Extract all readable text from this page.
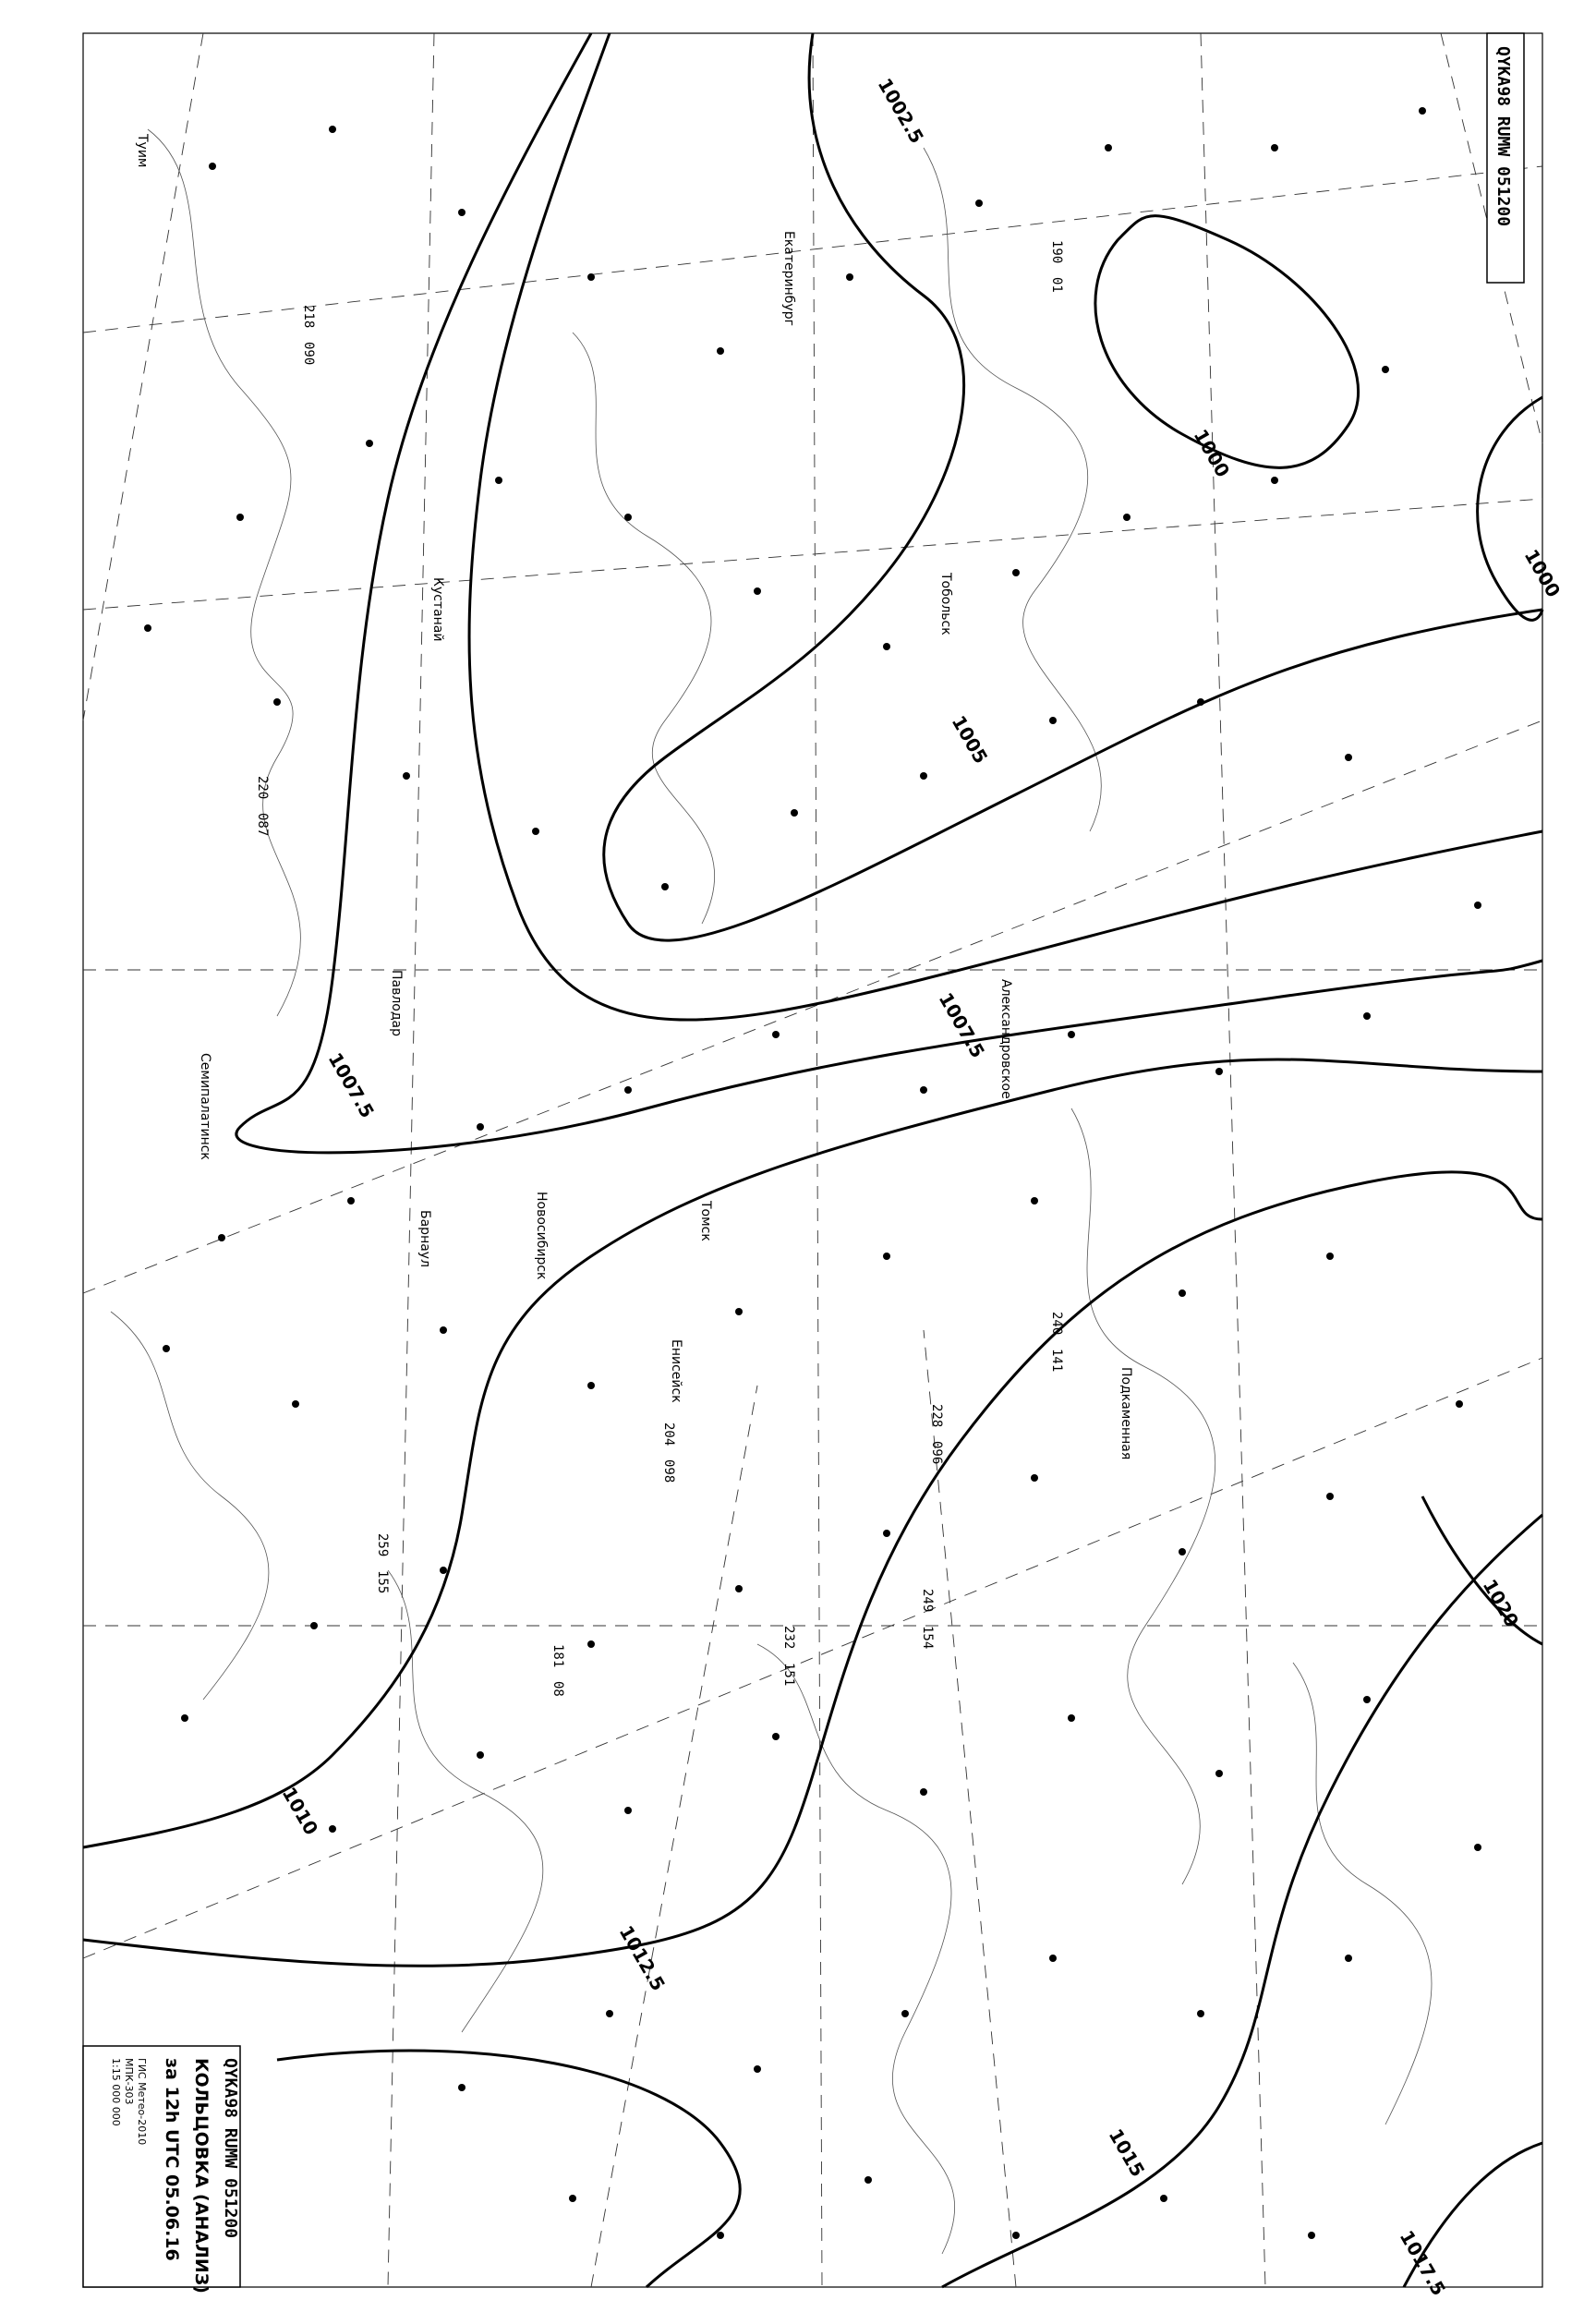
1000
1000
1002.5
1005
1007.5
1007.5
1010
1012.5
1015
1017.5
1020
181
08
190
01
204
098
218
090
220
087
228
096
232
151
240
141
249
154
259
155
Екатеринбург
Кустанай	Тобольск
Павлодар
Семипалатинск
Барнаул	Новосибирск	Томск
Енисейск	Подкаменная
Александровское
Туим	QYKA98 RUMW 051200
QYKA98 RUMW 051200
КОЛЬЦОВКА (АНАЛИЗ)
за 12h UTC 05.06.16
ГИС Метео-2010
МПК-303
1:15 000 000
